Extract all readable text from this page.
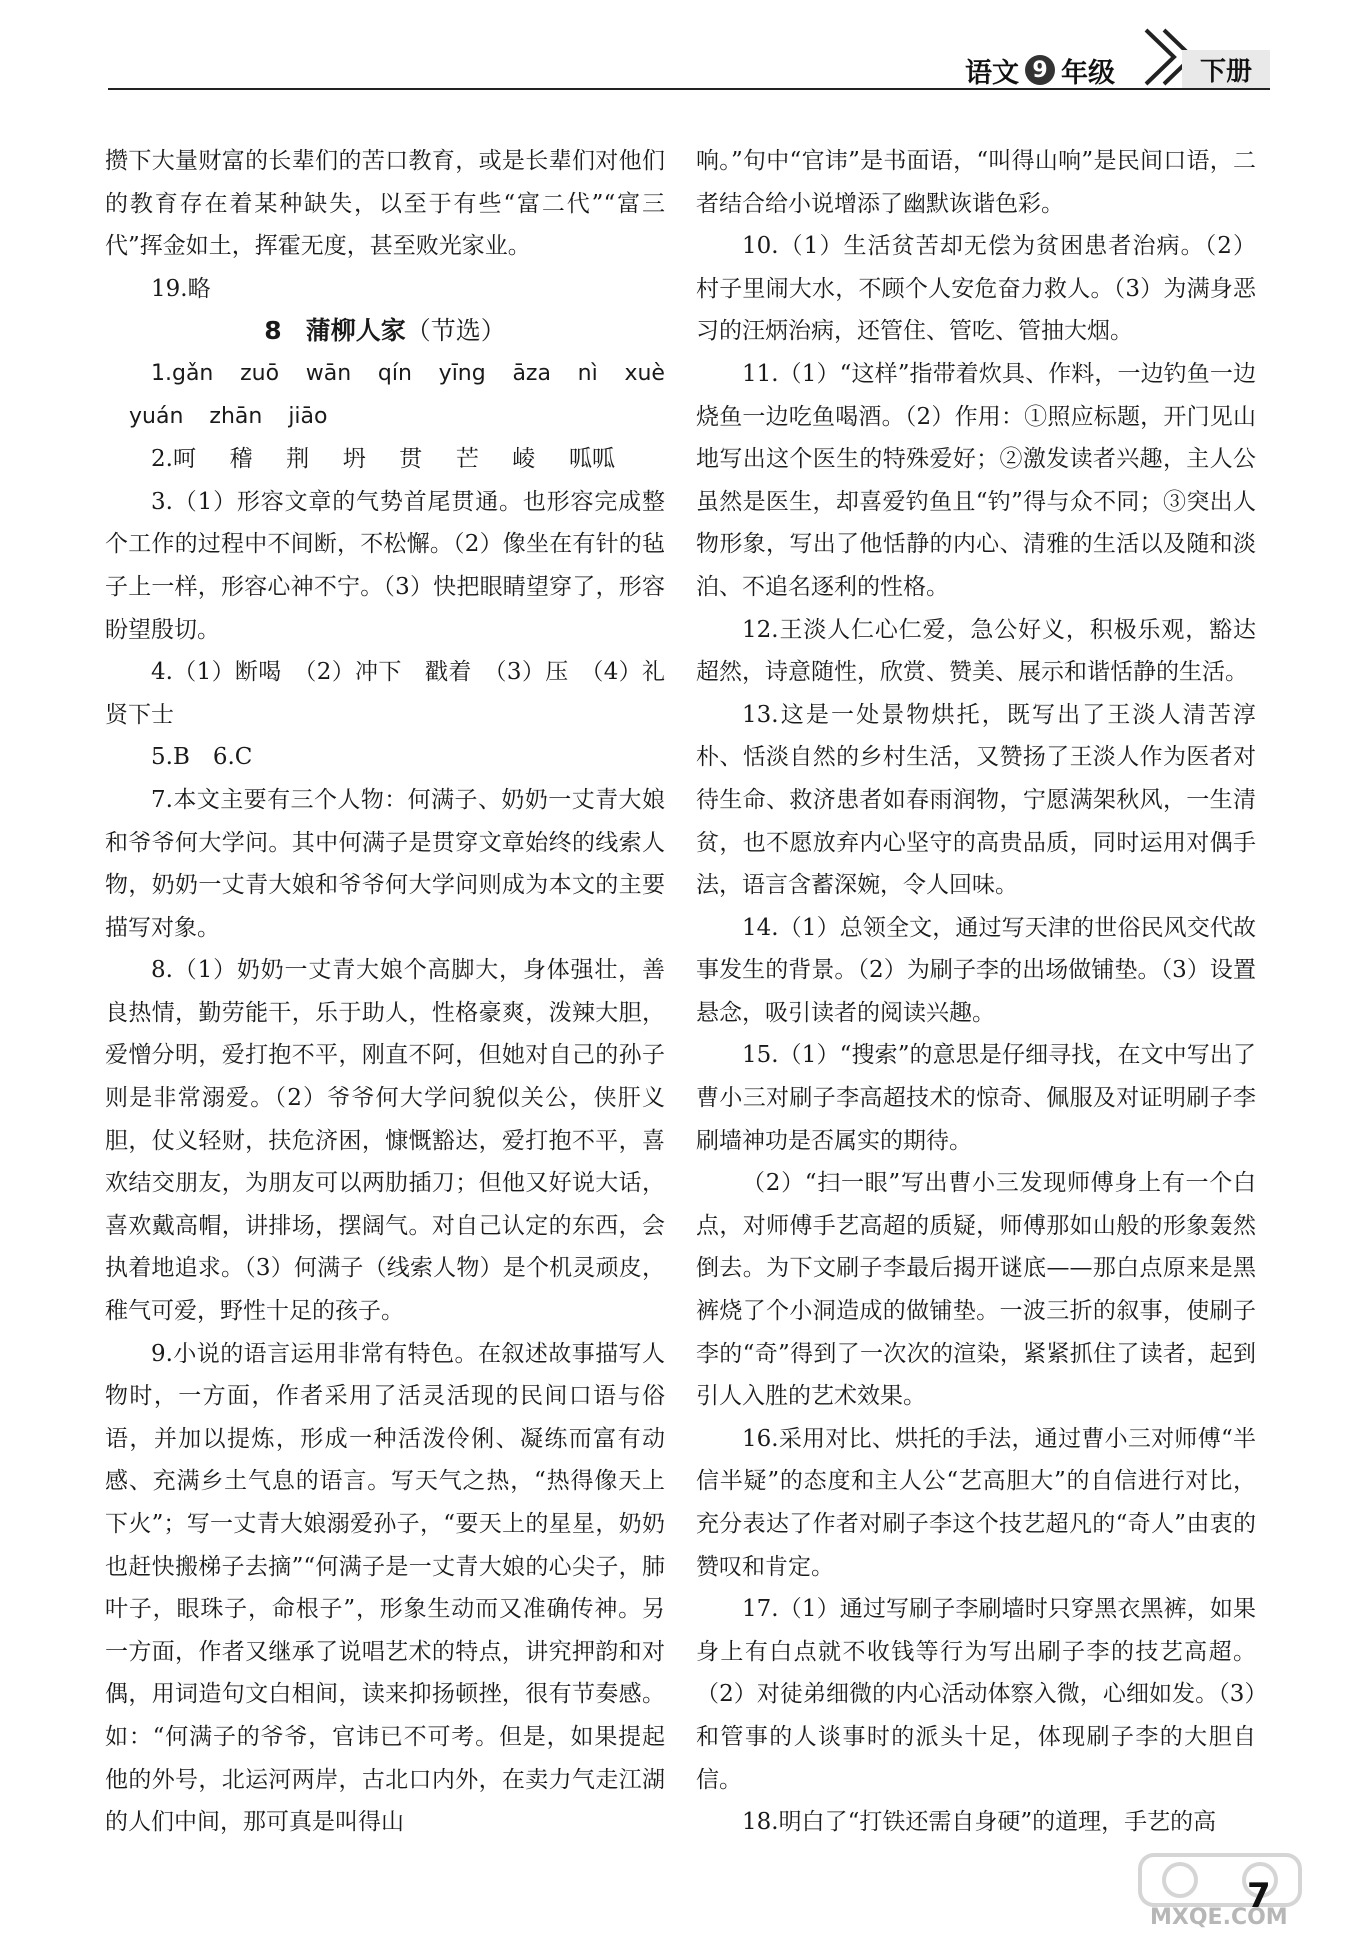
语文 9 年级	下册

攒下大量财富的长辈们的苦口教育，或是长辈们对他们的教育存在着某种缺失，以至于有些“富二代”“富三代”挥金如土，挥霍无度，甚至败光家业。

19.略

8 蒲柳人家（节选）

1.gǎn zuō wān qín yīng āza nì xuè
yuán zhān jiāo
2.呵 稽 荆 坍 贯 芒 崚 呱呱

3.（1）形容文章的气势首尾贯通。也形容完成整个工作的过程中不间断，不松懈。（2）像坐在有针的毡子上一样，形容心神不宁。（3）快把眼睛望穿了，形容盼望殷切。

4.（1）断喝　（2）冲下　戳着　（3）压　（4）礼贤下士

5.B　6.C

7.本文主要有三个人物：何满子、奶奶一丈青大娘和爷爷何大学问。其中何满子是贯穿文章始终的线索人物，奶奶一丈青大娘和爷爷何大学问则成为本文的主要描写对象。

8.（1）奶奶一丈青大娘个高脚大，身体强壮，善良热情，勤劳能干，乐于助人，性格豪爽，泼辣大胆，爱憎分明，爱打抱不平，刚直不阿，但她对自己的孙子则是非常溺爱。（2）爷爷何大学问貌似关公，侠肝义胆，仗义轻财，扶危济困，慷慨豁达，爱打抱不平，喜欢结交朋友，为朋友可以两肋插刀；但他又好说大话，喜欢戴高帽，讲排场，摆阔气。对自己认定的东西，会执着地追求。（3）何满子（线索人物）是个机灵顽皮，稚气可爱，野性十足的孩子。

9.小说的语言运用非常有特色。在叙述故事描写人物时，一方面，作者采用了活灵活现的民间口语与俗语，并加以提炼，形成一种活泼伶俐、凝练而富有动感、充满乡土气息的语言。写天气之热，“热得像天上下火”；写一丈青大娘溺爱孙子，“要天上的星星，奶奶也赶快搬梯子去摘”“何满子是一丈青大娘的心尖子，肺叶子，眼珠子，命根子”，形象生动而又准确传神。另一方面，作者又继承了说唱艺术的特点，讲究押韵和对偶，用词造句文白相间，读来抑扬顿挫，很有节奏感。如：“何满子的爷爷，官讳已不可考。但是，如果提起他的外号，北运河两岸，古北口内外，在卖力气走江湖的人们中间，那可真是叫得山

响。”句中“官讳”是书面语，“叫得山响”是民间口语，二者结合给小说增添了幽默诙谐色彩。

10.（1）生活贫苦却无偿为贫困患者治病。（2）村子里闹大水，不顾个人安危奋力救人。（3）为满身恶习的汪炳治病，还管住、管吃、管抽大烟。

11.（1）“这样”指带着炊具、作料，一边钓鱼一边烧鱼一边吃鱼喝酒。（2）作用：①照应标题，开门见山地写出这个医生的特殊爱好；②激发读者兴趣，主人公虽然是医生，却喜爱钓鱼且“钓”得与众不同；③突出人物形象，写出了他恬静的内心、清雅的生活以及随和淡泊、不追名逐利的性格。

12.王淡人仁心仁爱，急公好义，积极乐观，豁达超然，诗意随性，欣赏、赞美、展示和谐恬静的生活。

13.这是一处景物烘托，既写出了王淡人清苦淳朴、恬淡自然的乡村生活，又赞扬了王淡人作为医者对待生命、救济患者如春雨润物，宁愿满架秋风，一生清贫，也不愿放弃内心坚守的高贵品质，同时运用对偶手法，语言含蓄深婉，令人回味。

14.（1）总领全文，通过写天津的世俗民风交代故事发生的背景。（2）为刷子李的出场做铺垫。（3）设置悬念，吸引读者的阅读兴趣。

15.（1）“搜索”的意思是仔细寻找，在文中写出了曹小三对刷子李高超技术的惊奇、佩服及对证明刷子李刷墙神功是否属实的期待。

（2）“扫一眼”写出曹小三发现师傅身上有一个白点，对师傅手艺高超的质疑，师傅那如山般的形象轰然倒去。为下文刷子李最后揭开谜底——那白点原来是黑裤烧了个小洞造成的做铺垫。一波三折的叙事，使刷子李的“奇”得到了一次次的渲染，紧紧抓住了读者，起到引人入胜的艺术效果。

16.采用对比、烘托的手法，通过曹小三对师傅“半信半疑”的态度和主人公“艺高胆大”的自信进行对比，充分表达了作者对刷子李这个技艺超凡的“奇人”由衷的赞叹和肯定。

17.（1）通过写刷子李刷墙时只穿黑衣黑裤，如果身上有白点就不收钱等行为写出刷子李的技艺高超。（2）对徒弟细微的内心活动体察入微，心细如发。（3）和管事的人谈事时的派头十足，体现刷子李的大胆自信。

18.明白了“打铁还需自身硬”的道理，手艺的高

MXQE.COM
7
